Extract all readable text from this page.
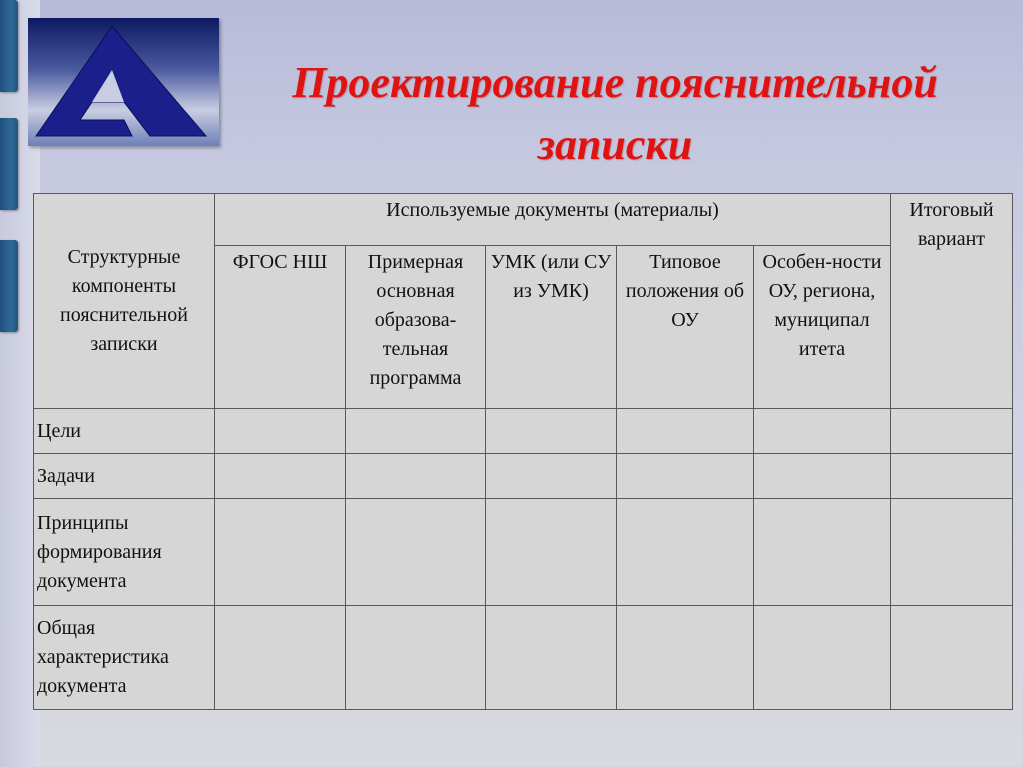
Проектирование пояснительной
записки
Структурные компоненты пояснительной записки	Используемые документы (материалы)					Итоговый вариант
	ФГОС НШ	Примерная основная образова-тельная программа	УМК (или СУ из УМК)	Типовое положения об ОУ	Особен-ности ОУ, региона, муниципал итета	
Цели						
Задачи						
Принципы формирования документа						
Общая характеристика документа						
